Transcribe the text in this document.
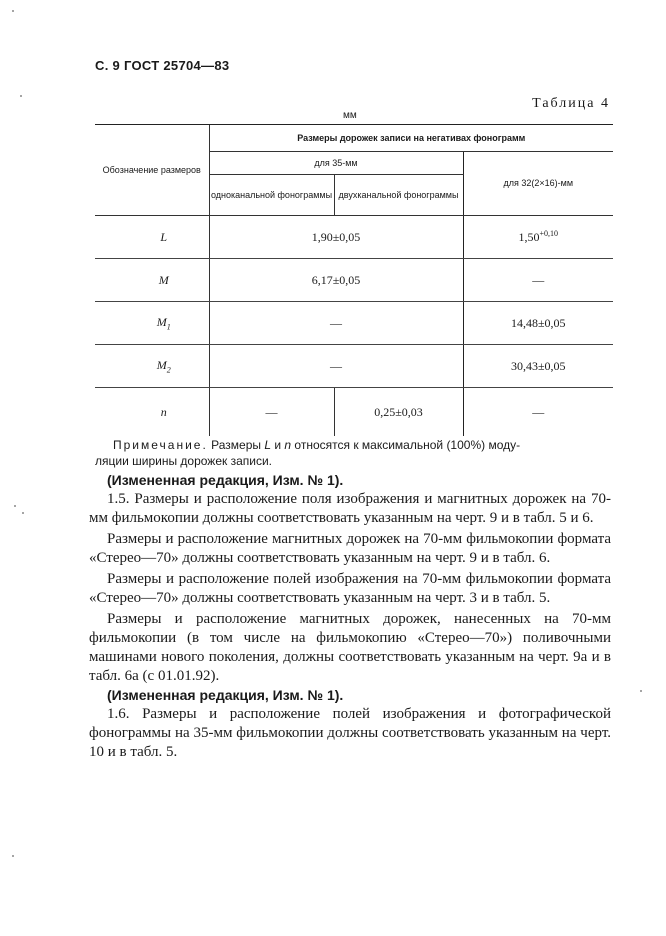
С. 9 ГОСТ 25704—83
Таблица 4
мм
Обозначение размеров	Размеры дорожек записи на негативах фонограмм		
	для 35-мм		для 32(2×16)-мм
	одноканальной фонограммы	двухканальной фонограммы	
L	1,90±0,05		$1,50^{+0,10}$
M	6,17±0,05		—
$M_1$	—		14,48±0,05
$M_2$	—		30,43±0,05
n	—	0,25±0,03	—
Примечание. Размеры L и n относятся к максимальной (100%) моду-
ляции ширины дорожек записи.

(Измененная редакция, Изм. № 1).

1.5. Размеры и расположение поля изображения и магнитных дорожек на 70-мм фильмокопии должны соответствовать указанным на черт. 9 и в табл. 5 и 6.

Размеры и расположение магнитных дорожек на 70-мм фильмокопии формата «Стерео—70» должны соответствовать указанным на черт. 9 и в табл. 6.

Размеры и расположение полей изображения на 70-мм фильмокопии формата «Стерео—70» должны соответствовать указанным на черт. 3 и в табл. 5.

Размеры и расположение магнитных дорожек, нанесенных на 70-мм фильмокопии (в том числе на фильмокопию «Стерео—70») поливочными машинами нового поколения, должны соответствовать указанным на черт. 9а и в табл. 6а (с 01.01.92).

(Измененная редакция, Изм. № 1).

1.6. Размеры и расположение полей изображения и фотографической фонограммы на 35-мм фильмокопии должны соответствовать указанным на черт. 10 и в табл. 5.
